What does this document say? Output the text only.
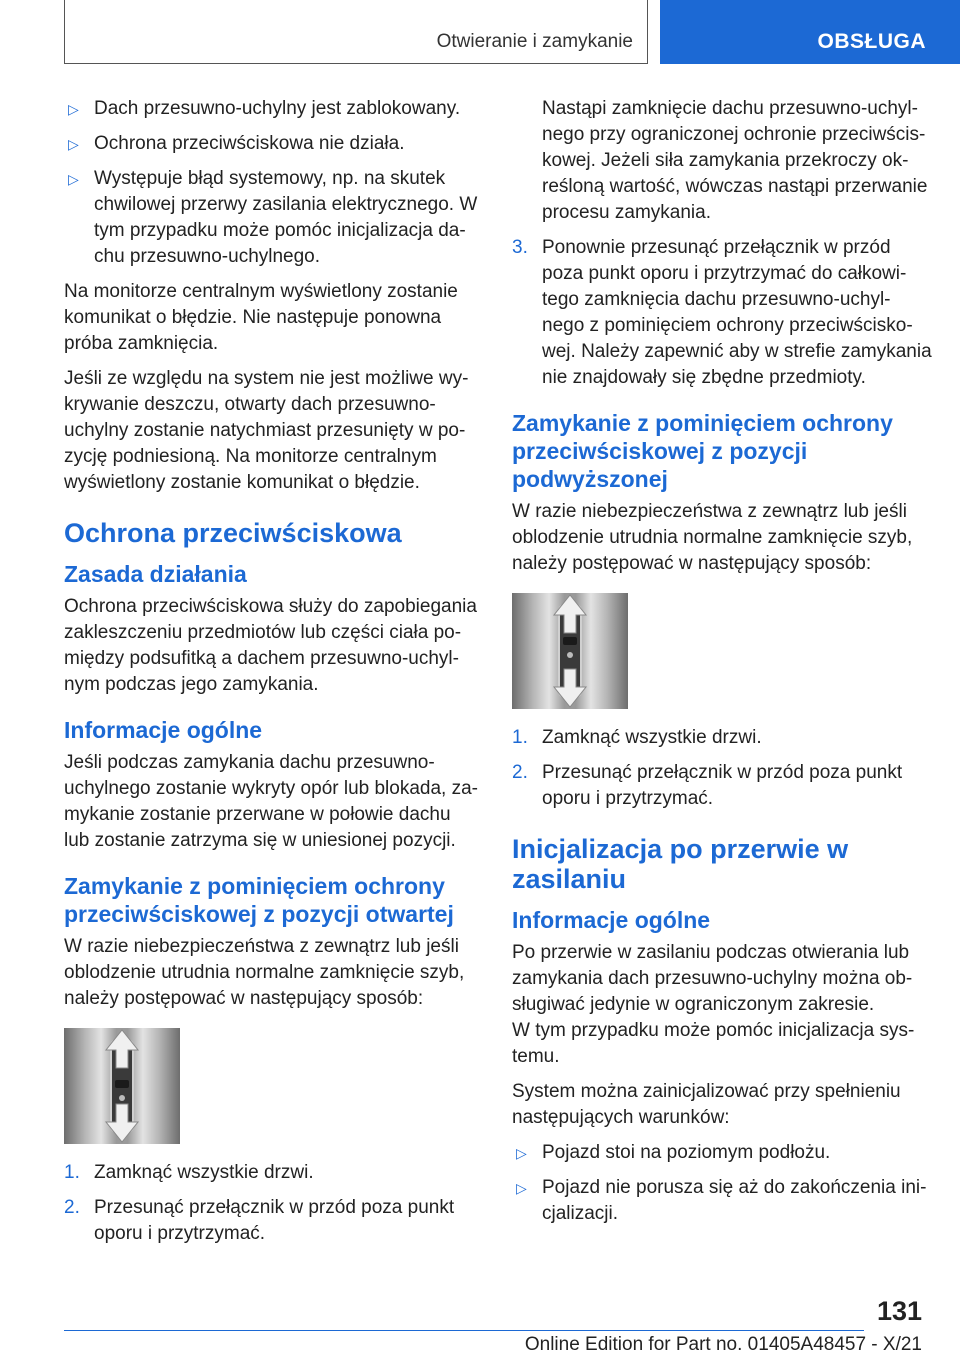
Otwieranie i zamykanie	OBSŁUGA
▷ Dach przesuwno-uchylny jest zablokowany.
▷ Ochrona przeciwściskowa nie działa.
▷ Występuje błąd systemowy, np. na skutek chwilowej przerwy zasilania elektrycznego. W tym przypadku może pomóc inicjalizacja da-chu przesuwno-uchylnego.

Na monitorze centralnym wyświetlony zostanie komunikat o błędzie. Nie następuje ponowna próba zamknięcia.

Jeśli ze względu na system nie jest możliwe wy-krywanie deszczu, otwarty dach przesuwno-uchylny zostanie natychmiast przesunięty w po-zycję podniesioną. Na monitorze centralnym wyświetlony zostanie komunikat o błędzie.

Ochrona przeciwściskowa
Zasada działania

Ochrona przeciwściskowa służy do zapobiegania zakleszczeniu przedmiotów lub części ciała po-między podsufitką a dachem przesuwno-uchyl-nym podczas jego zamykania.

Informacje ogólne

Jeśli podczas zamykania dachu przesuwno-uchylnego zostanie wykryty opór lub blokada, za-mykanie zostanie przerwane w połowie dachu lub zostanie zatrzyma się w uniesionej pozycji.

Zamykanie z pominięciem ochrony przeciwściskowej z pozycji otwartej

W razie niebezpieczeństwa z zewnątrz lub jeśli oblodzenie utrudnia normalne zamknięcie szyb, należy postępować w następujący sposób:

1. Zamknąć wszystkie drzwi.
2. Przesunąć przełącznik w przód poza punkt oporu i przytrzymać.

Nastąpi zamknięcie dachu przesuwno-uchyl-nego przy ograniczonej ochronie przeciwścis-kowej. Jeżeli siła zamykania przekroczy ok-reśloną wartość, wówczas nastąpi przerwanie procesu zamykania.

3. Ponownie przesunąć przełącznik w przód poza punkt oporu i przytrzymać do całkowi-tego zamknięcia dachu przesuwno-uchyl-nego z pominięciem ochrony przeciwścisko-wej. Należy zapewnić aby w strefie zamykania nie znajdowały się zbędne przedmioty.
Zamykanie z pominięciem ochrony przeciwściskowej z pozycji podwyższonej

W razie niebezpieczeństwa z zewnątrz lub jeśli oblodzenie utrudnia normalne zamknięcie szyb, należy postępować w następujący sposób:

1. Zamknąć wszystkie drzwi.
2. Przesunąć przełącznik w przód poza punkt oporu i przytrzymać.
Inicjalizacja po przerwie w zasilaniu
Informacje ogólne

Po przerwie w zasilaniu podczas otwierania lub zamykania dach przesuwno-uchylny można ob-sługiwać jedynie w ograniczonym zakresie.

W tym przypadku może pomóc inicjalizacja sys-temu.

System można zainicjalizować przy spełnieniu następujących warunków:

▷ Pojazd stoi na poziomym podłożu.
▷ Pojazd nie porusza się aż do zakończenia ini-cjalizacji.
131
Online Edition for Part no. 01405A48457 - X/21
